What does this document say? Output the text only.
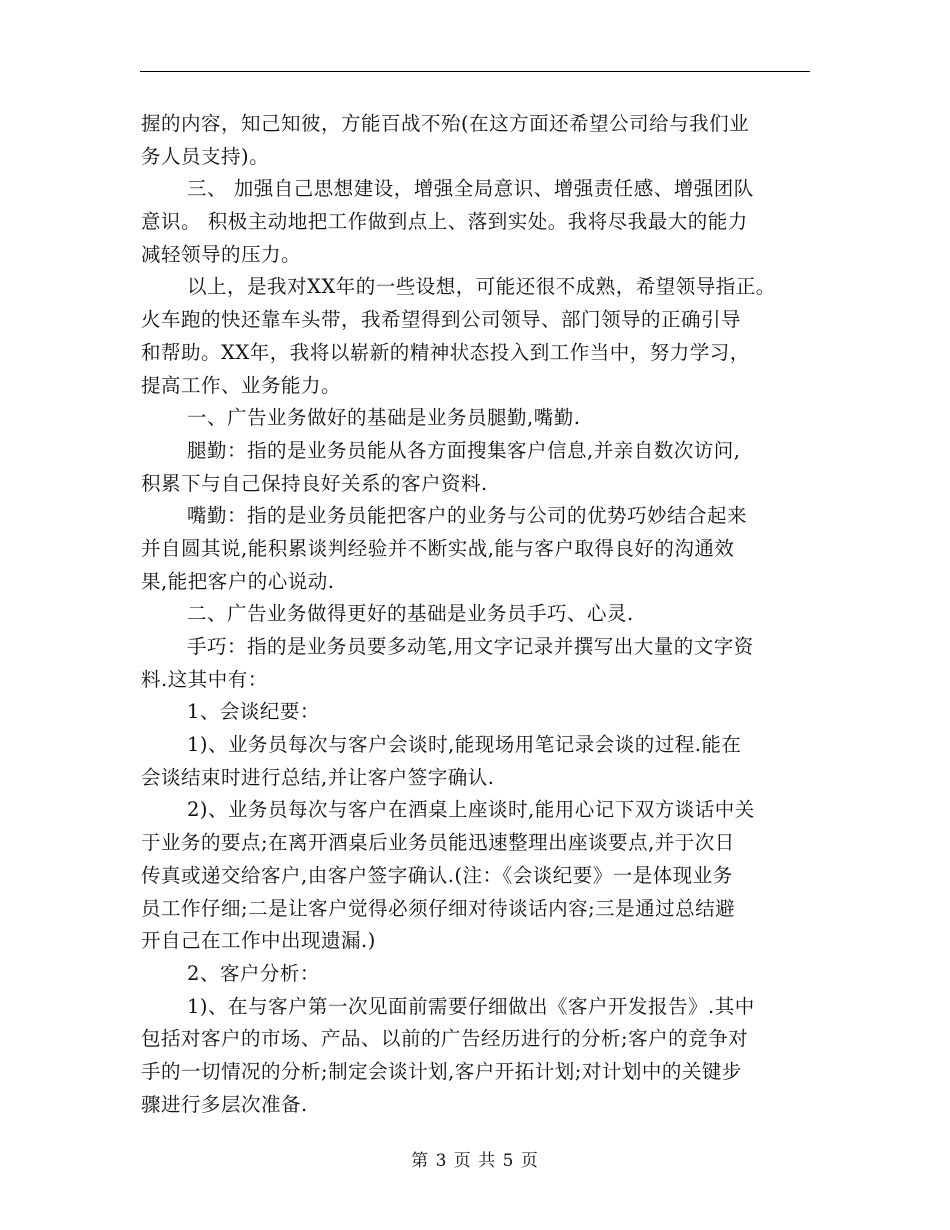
握的内容，知己知彼，方能百战不殆(在这方面还希望公司给与我们业
务人员支持)。
三、 加强自己思想建设，增强全局意识、增强责任感、增强团队
意识。 积极主动地把工作做到点上、落到实处。我将尽我最大的能力
减轻领导的压力。
以上，是我对XX年的一些设想，可能还很不成熟，希望领导指正。
火车跑的快还靠车头带，我希望得到公司领导、部门领导的正确引导
和帮助。XX年，我将以崭新的精神状态投入到工作当中，努力学习，
提高工作、业务能力。
一、广告业务做好的基础是业务员腿勤,嘴勤.
腿勤：指的是业务员能从各方面搜集客户信息,并亲自数次访问,
积累下与自己保持良好关系的客户资料.
嘴勤：指的是业务员能把客户的业务与公司的优势巧妙结合起来
并自圆其说,能积累谈判经验并不断实战,能与客户取得良好的沟通效
果,能把客户的心说动.
二、广告业务做得更好的基础是业务员手巧、心灵.
手巧：指的是业务员要多动笔,用文字记录并撰写出大量的文字资
料.这其中有：
1、会谈纪要：
1)、业务员每次与客户会谈时,能现场用笔记录会谈的过程.能在
会谈结束时进行总结,并让客户签字确认.
2)、业务员每次与客户在酒桌上座谈时,能用心记下双方谈话中关
于业务的要点;在离开酒桌后业务员能迅速整理出座谈要点,并于次日
传真或递交给客户,由客户签字确认.(注：《会谈纪要》一是体现业务
员工作仔细;二是让客户觉得必须仔细对待谈话内容;三是通过总结避
开自己在工作中出现遗漏.)
2、客户分析：
1)、在与客户第一次见面前需要仔细做出《客户开发报告》.其中
包括对客户的市场、产品、以前的广告经历进行的分析;客户的竞争对
手的一切情况的分析;制定会谈计划,客户开拓计划;对计划中的关键步
骤进行多层次准备.
第 3 页 共 5 页
